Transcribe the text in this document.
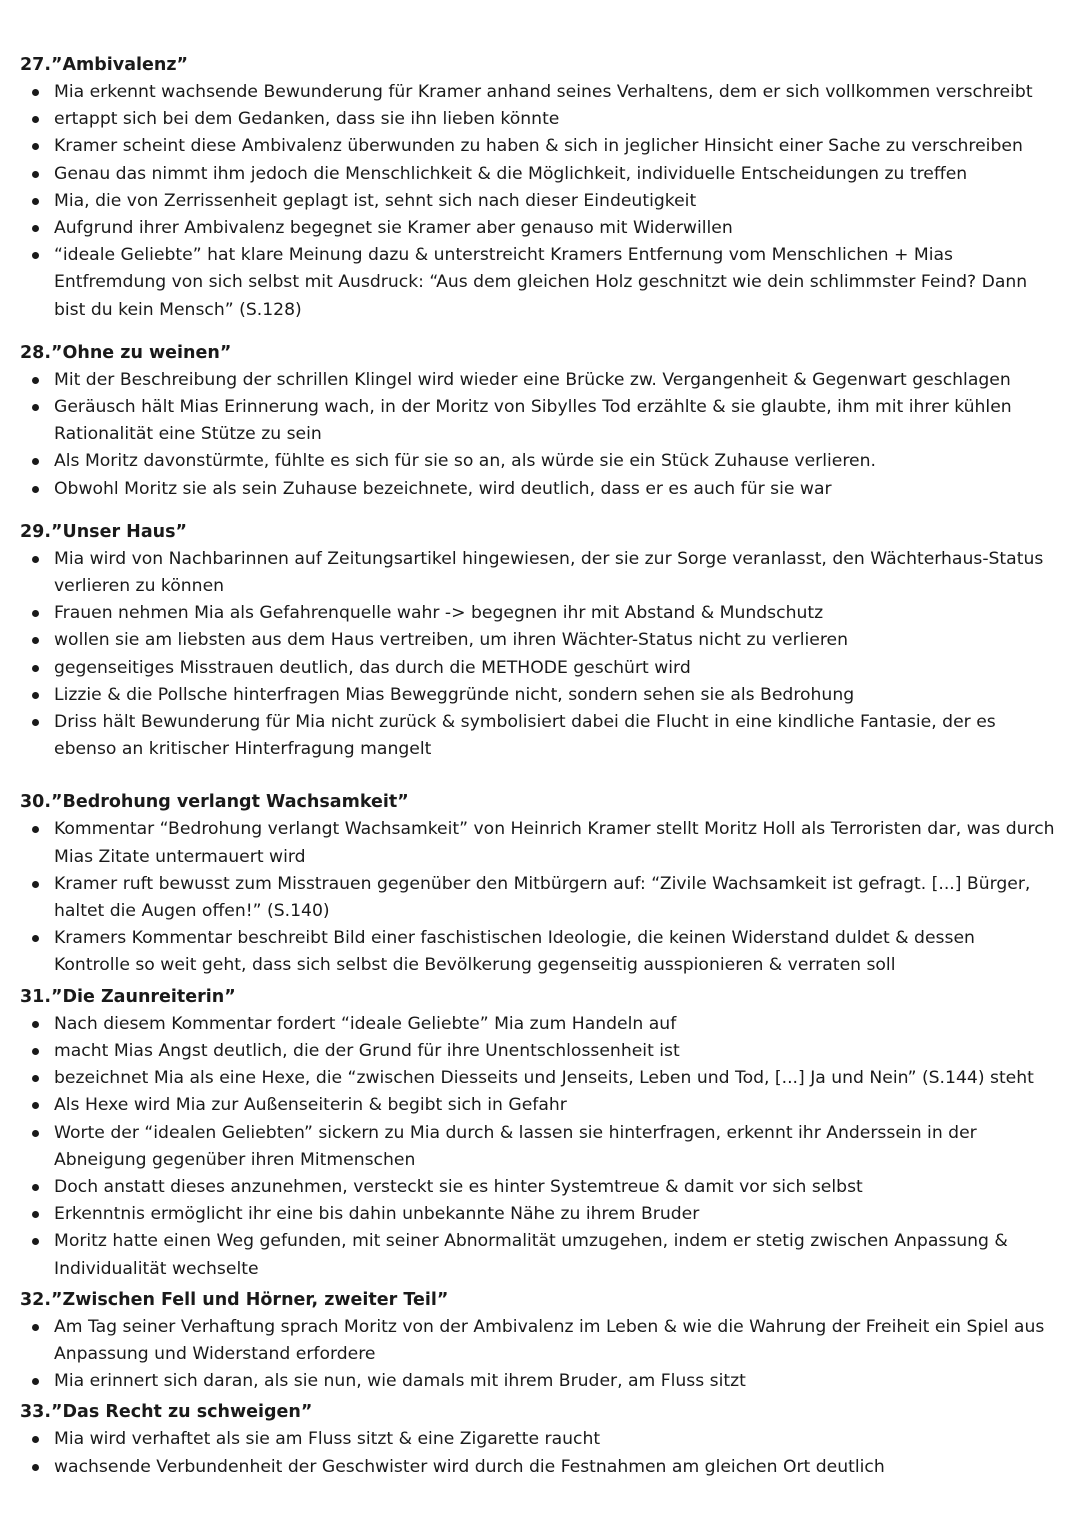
27.”Ambivalenz”

Mia erkennt wachsende Bewunderung für Kramer anhand seines Verhaltens, dem er sich vollkommen verschreibt
ertappt sich bei dem Gedanken, dass sie ihn lieben könnte
Kramer scheint diese Ambivalenz überwunden zu haben & sich in jeglicher Hinsicht einer Sache zu verschreiben
Genau das nimmt ihm jedoch die Menschlichkeit & die Möglichkeit, individuelle Entscheidungen zu treffen
Mia, die von Zerrissenheit geplagt ist, sehnt sich nach dieser Eindeutigkeit
Aufgrund ihrer Ambivalenz begegnet sie Kramer aber genauso mit Widerwillen
“ideale Geliebte” hat klare Meinung dazu & unterstreicht Kramers Entfernung vom Menschlichen + Mias Entfremdung von sich selbst mit Ausdruck: “Aus dem gleichen Holz geschnitzt wie dein schlimmster Feind? Dann bist du kein Mensch” (S.128)

28.”Ohne zu weinen”

Mit der Beschreibung der schrillen Klingel wird wieder eine Brücke zw. Vergangenheit & Gegenwart geschlagen
Geräusch hält Mias Erinnerung wach, in der Moritz von Sibylles Tod erzählte & sie glaubte, ihm mit ihrer kühlen Rationalität eine Stütze zu sein
Als Moritz davonstürmte, fühlte es sich für sie so an, als würde sie ein Stück Zuhause verlieren.
Obwohl Moritz sie als sein Zuhause bezeichnete, wird deutlich, dass er es auch für sie war

29.”Unser Haus”

Mia wird von Nachbarinnen auf Zeitungsartikel hingewiesen, der sie zur Sorge veranlasst, den Wächterhaus-Status verlieren zu können
Frauen nehmen Mia als Gefahrenquelle wahr -> begegnen ihr mit Abstand & Mundschutz
wollen sie am liebsten aus dem Haus vertreiben, um ihren Wächter-Status nicht zu verlieren
gegenseitiges Misstrauen deutlich, das durch die METHODE geschürt wird
Lizzie & die Pollsche hinterfragen Mias Beweggründe nicht, sondern sehen sie als Bedrohung
Driss hält Bewunderung für Mia nicht zurück & symbolisiert dabei die Flucht in eine kindliche Fantasie, der es ebenso an kritischer Hinterfragung mangelt

30.”Bedrohung verlangt Wachsamkeit”

Kommentar “Bedrohung verlangt Wachsamkeit” von Heinrich Kramer stellt Moritz Holl als Terroristen dar, was durch Mias Zitate untermauert wird
Kramer ruft bewusst zum Misstrauen gegenüber den Mitbürgern auf: “Zivile Wachsamkeit ist gefragt. [...] Bürger, haltet die Augen offen!” (S.140)
Kramers Kommentar beschreibt Bild einer faschistischen Ideologie, die keinen Widerstand duldet & dessen Kontrolle so weit geht, dass sich selbst die Bevölkerung gegenseitig ausspionieren & verraten soll

31.”Die Zaunreiterin”

Nach diesem Kommentar fordert “ideale Geliebte” Mia zum Handeln auf
macht Mias Angst deutlich, die der Grund für ihre Unentschlossenheit ist
bezeichnet Mia als eine Hexe, die “zwischen Diesseits und Jenseits, Leben und Tod, [...] Ja und Nein” (S.144) steht
Als Hexe wird Mia zur Außenseiterin & begibt sich in Gefahr
Worte der “idealen Geliebten” sickern zu Mia durch & lassen sie hinterfragen, erkennt ihr Anderssein in der Abneigung gegenüber ihren Mitmenschen
Doch anstatt dieses anzunehmen, versteckt sie es hinter Systemtreue & damit vor sich selbst
Erkenntnis ermöglicht ihr eine bis dahin unbekannte Nähe zu ihrem Bruder
Moritz hatte einen Weg gefunden, mit seiner Abnormalität umzugehen, indem er stetig zwischen Anpassung & Individualität wechselte

32.”Zwischen Fell und Hörner, zweiter Teil”

Am Tag seiner Verhaftung sprach Moritz von der Ambivalenz im Leben & wie die Wahrung der Freiheit ein Spiel aus Anpassung und Widerstand erfordere
Mia erinnert sich daran, als sie nun, wie damals mit ihrem Bruder, am Fluss sitzt

33.”Das Recht zu schweigen”

Mia wird verhaftet als sie am Fluss sitzt & eine Zigarette raucht
wachsende Verbundenheit der Geschwister wird durch die Festnahmen am gleichen Ort deutlich
